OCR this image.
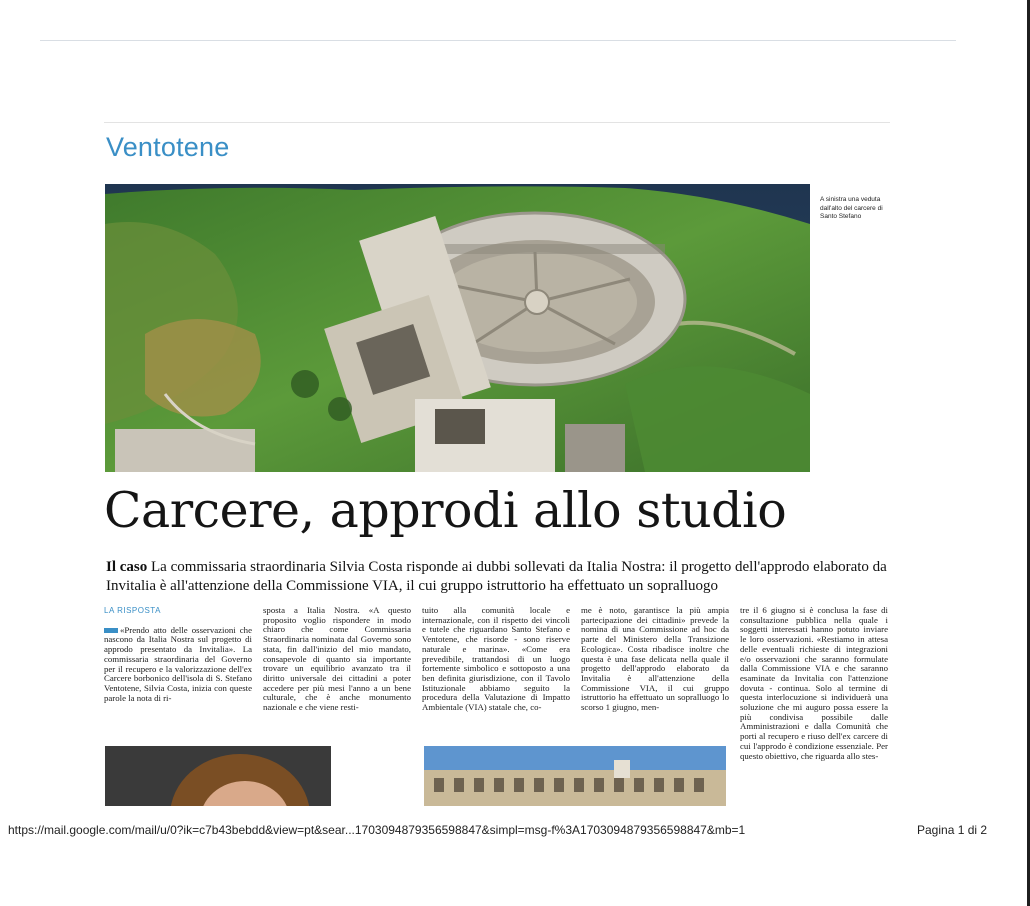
Ventotene
A sinistra una veduta dall'alto del carcere di Santo Stefano
Carcere, approdi allo studio
Il caso La commissaria straordinaria Silvia Costa risponde ai dubbi sollevati da Italia Nostra: il progetto dell'approdo elaborato da Invitalia è all'attenzione della Commissione VIA, il cui gruppo istruttorio ha effettuato un sopralluogo
LA RISPOSTA
«Prendo atto delle osservazioni che nascono da Italia Nostra sul progetto di approdo presentato da Invitalia». La commissaria straordinaria del Governo per il recupero e la valorizzazione dell'ex Carcere borbonico dell'isola di S. Stefano Ventotene, Silvia Costa, inizia con queste parole la nota di ri-
sposta a Italia Nostra. «A questo proposito voglio rispondere in modo chiaro che come Commissaria Straordinaria nominata dal Governo sono stata, fin dall'inizio del mio mandato, consapevole di quanto sia importante trovare un equilibrio avanzato tra il diritto universale dei cittadini a poter accedere per più mesi l'anno a un bene culturale, che è anche monumento nazionale e che viene resti-
tuito alla comunità locale e internazionale, con il rispetto dei vincoli e tutele che riguardano Santo Stefano e Ventotene, che risorde - sono riserve naturale e marina». «Come era prevedibile, trattandosi di un luogo fortemente simbolico e sottoposto a una ben definita giurisdizione, con il Tavolo Istituzionale abbiamo seguito la procedura della Valutazione di Impatto Ambientale (VIA) statale che, co-
me è noto, garantisce la più ampia partecipazione dei cittadini» prevede la nomina di una Commissione ad hoc da parte del Ministero della Transizione Ecologica». Costa ribadisce inoltre che questa è una fase delicata nella quale il progetto dell'approdo elaborato da Invitalia è all'attenzione della Commissione VIA, il cui gruppo istruttorio ha effettuato un sopralluogo lo scorso 1 giugno, men-
tre il 6 giugno si è conclusa la fase di consultazione pubblica nella quale i soggetti interessati hanno potuto inviare le loro osservazioni. «Restiamo in attesa delle eventuali richieste di integrazioni e/o osservazioni che saranno formulate dalla Commissione VIA e che saranno esaminate da Invitalia con l'attenzione dovuta - continua. Solo al termine di questa interlocuzione si individuerà una soluzione che mi auguro possa essere la più condivisa possibile dalle Amministrazioni e dalla Comunità che porti al recupero e riuso dell'ex carcere di cui l'approdo è condizione essenziale. Per questo obiettivo, che riguarda allo stes-
https://mail.google.com/mail/u/0?ik=c7b43bebdd&view=pt&sear...1703094879356598847&simpl=msg-f%3A1703094879356598847&mb=1	Pagina 1 di 2
